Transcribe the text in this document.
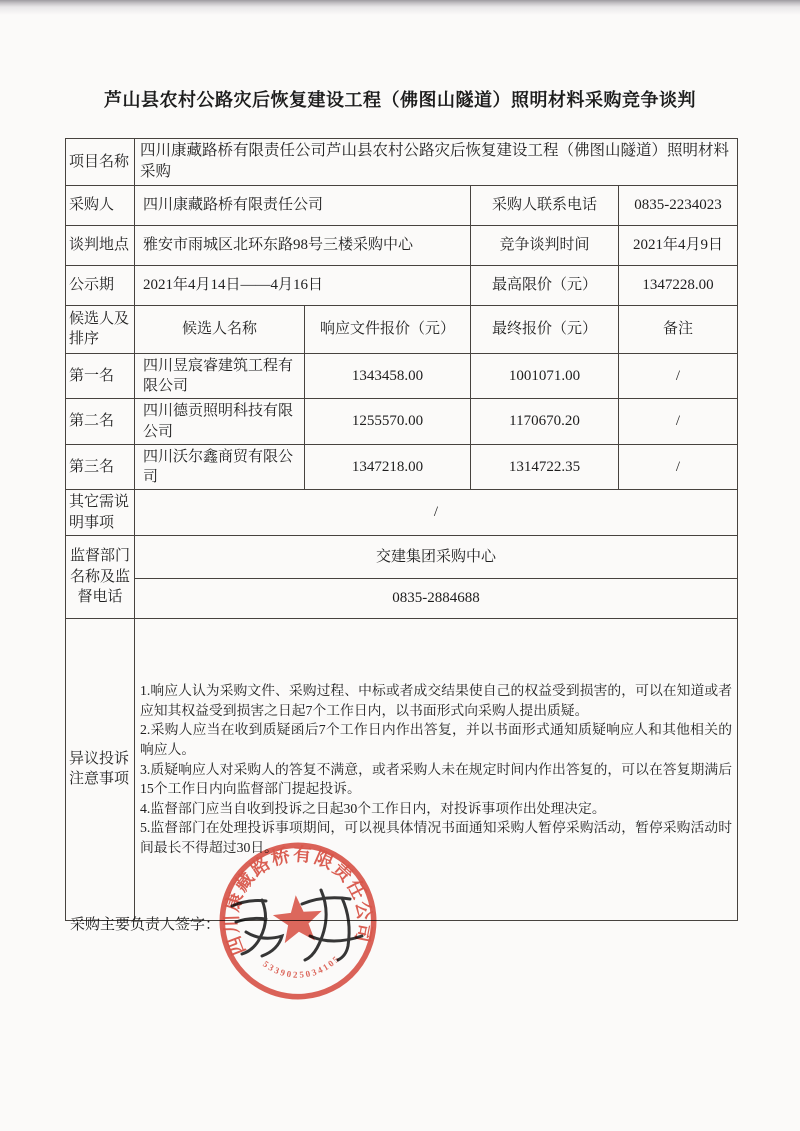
芦山县农村公路灾后恢复建设工程（佛图山隧道）照明材料采购竞争谈判
项目名称	四川康藏路桥有限责任公司芦山县农村公路灾后恢复建设工程（佛图山隧道）照明材料采购			
采购人	四川康藏路桥有限责任公司		采购人联系电话	0835-2234023
谈判地点	雅安市雨城区北环东路98号三楼采购中心		竞争谈判时间	2021年4月9日
公示期	2021年4月14日——4月16日		最高限价（元）	1347228.00
候选人及排序	候选人名称	响应文件报价（元）	最终报价（元）	备注
第一名	四川昱宸睿建筑工程有限公司	1343458.00	1001071.00	/
第二名	四川德贡照明科技有限公司	1255570.00	1170670.20	/
第三名	四川沃尔鑫商贸有限公司	1347218.00	1314722.35	/
其它需说明事项	/			
监督部门名称及监督电话	交建集团采购中心			
	0835-2884688			
异议投诉注意事项	1.响应人认为采购文件、采购过程、中标或者成交结果使自己的权益受到损害的，可以在知道或者应知其权益受到损害之日起7个工作日内，以书面形式向采购人提出质疑。

2.采购人应当在收到质疑函后7个工作日内作出答复，并以书面形式通知质疑响应人和其他相关的响应人。

3.质疑响应人对采购人的答复不满意，或者采购人未在规定时间内作出答复的，可以在答复期满后15个工作日内向监督部门提起投诉。

4.监督部门应当自收到投诉之日起30个工作日内，对投诉事项作出处理决定。

5.监督部门在处理投诉事项期间，可以视具体情况书面通知采购人暂停采购活动，暂停采购活动时间最长不得超过30日。			

采购主要负责人签字：
四川康藏路桥有限责任公司
5339025034105
